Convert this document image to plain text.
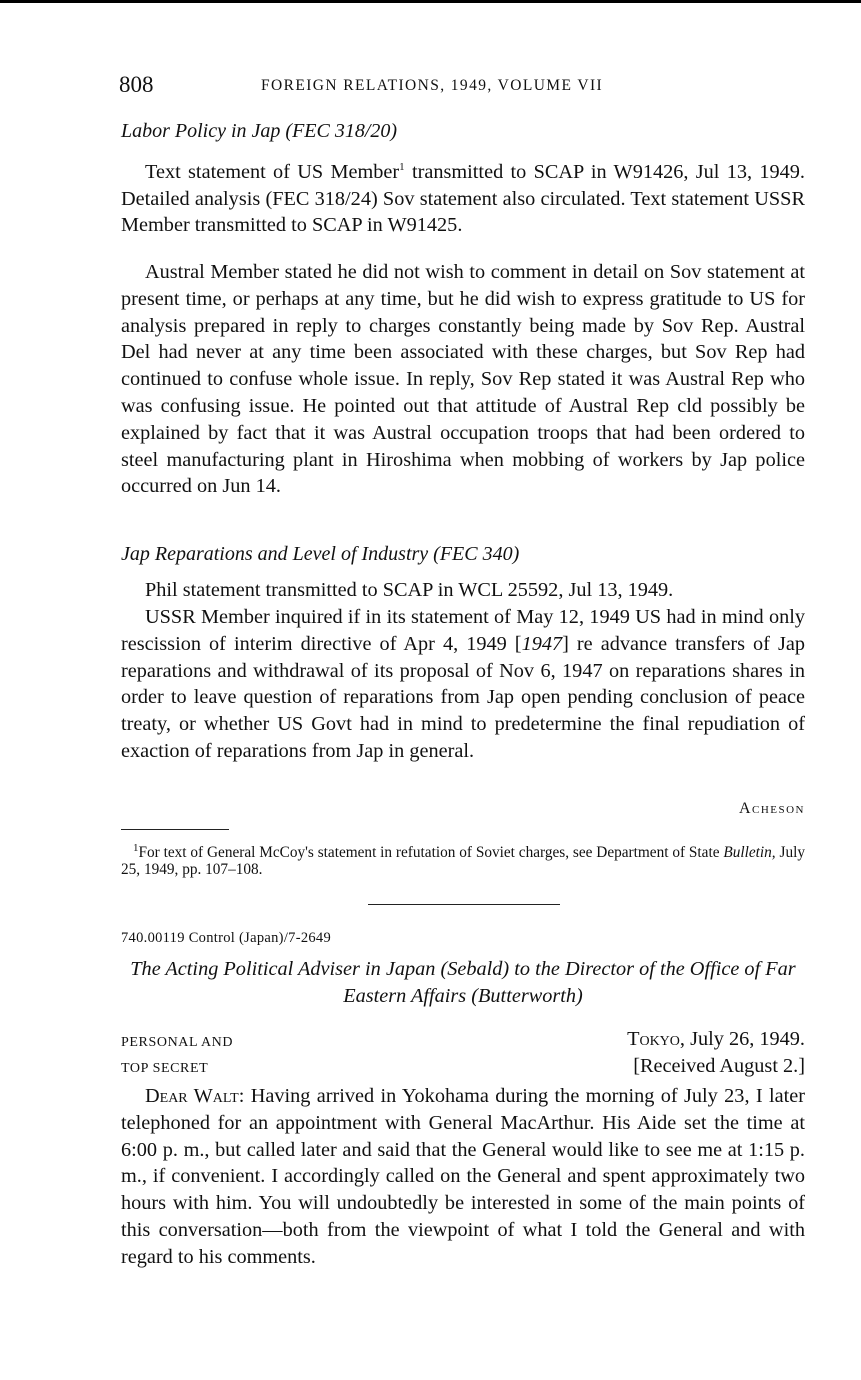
808	FOREIGN RELATIONS, 1949, VOLUME VII
Labor Policy in Jap (FEC 318/20)

Text statement of US Member$^1$ transmitted to SCAP in W91426, Jul 13, 1949. Detailed analysis (FEC 318/24) Sov statement also circulated. Text statement USSR Member transmitted to SCAP in W91425.

Austral Member stated he did not wish to comment in detail on Sov statement at present time, or perhaps at any time, but he did wish to express gratitude to US for analysis prepared in reply to charges constantly being made by Sov Rep. Austral Del had never at any time been associated with these charges, but Sov Rep had continued to confuse whole issue. In reply, Sov Rep stated it was Austral Rep who was confusing issue. He pointed out that attitude of Austral Rep cld possibly be explained by fact that it was Austral occupation troops that had been ordered to steel manufacturing plant in Hiroshima when mobbing of workers by Jap police occurred on Jun 14.

Jap Reparations and Level of Industry (FEC 340)

Phil statement transmitted to SCAP in WCL 25592, Jul 13, 1949.

USSR Member inquired if in its statement of May 12, 1949 US had in mind only rescission of interim directive of Apr 4, 1949 [1947] re advance transfers of Jap reparations and withdrawal of its proposal of Nov 6, 1947 on reparations shares in order to leave question of reparations from Jap open pending conclusion of peace treaty, or whether US Govt had in mind to predetermine the final repudiation of exaction of reparations from Jap in general.

Acheson

$^1$For text of General McCoy's statement in refutation of Soviet charges, see Department of State Bulletin, July 25, 1949, pp. 107–108.

740.00119 Control (Japan)/7-2649

The Acting Political Adviser in Japan (Sebald) to the Director of the Office of Far Eastern Affairs (Butterworth)

PERSONAL AND
TOP SECRET
Tokyo, July 26, 1949.
[Received August 2.]

Dear Walt: Having arrived in Yokohama during the morning of July 23, I later telephoned for an appointment with General MacArthur. His Aide set the time at 6:00 p. m., but called later and said that the General would like to see me at 1:15 p. m., if convenient. I accordingly called on the General and spent approximately two hours with him. You will undoubtedly be interested in some of the main points of this conversation—both from the viewpoint of what I told the General and with regard to his comments.
